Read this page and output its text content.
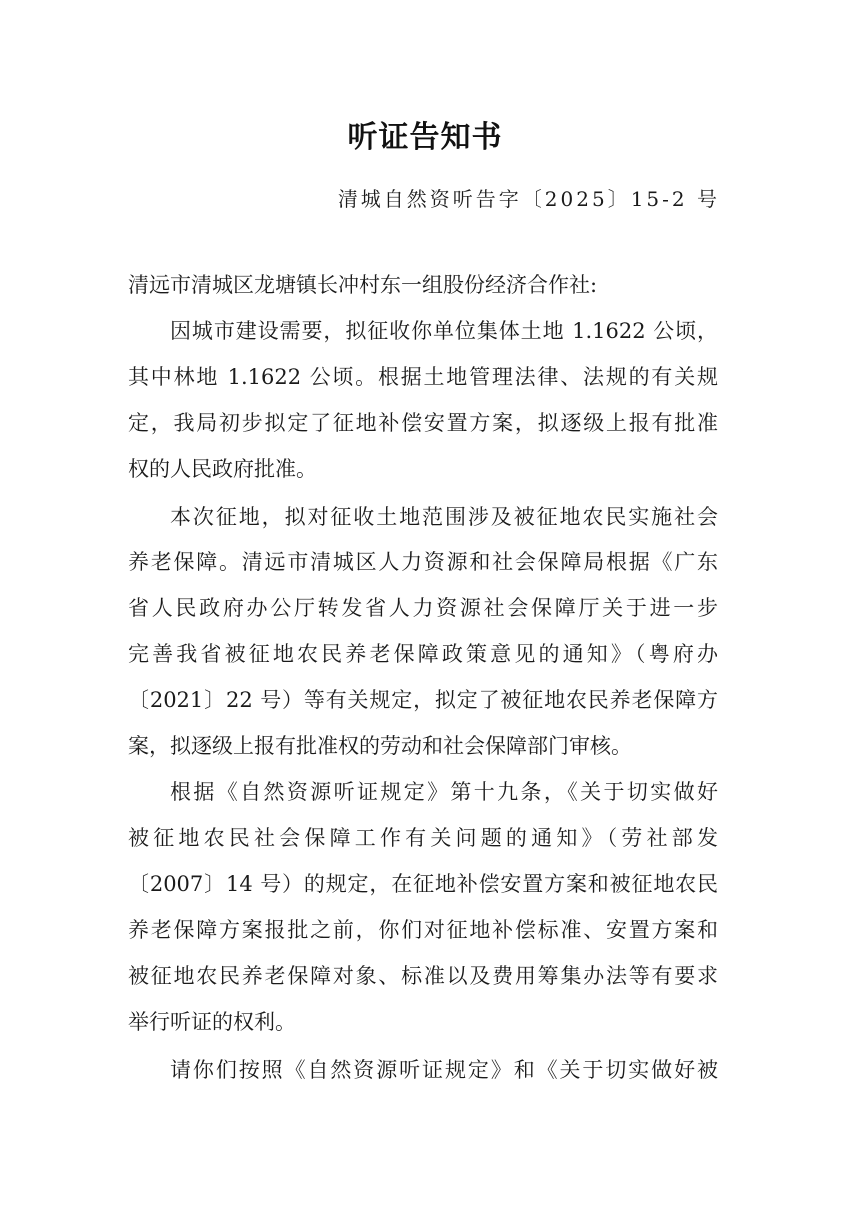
听证告知书
清城自然资听告字〔2025〕15-2 号
清远市清城区龙塘镇长冲村东一组股份经济合作社:
因城市建设需要，拟征收你单位集体土地 1.1622 公顷，
其中林地 1.1622 公顷。根据土地管理法律、法规的有关规
定，我局初步拟定了征地补偿安置方案，拟逐级上报有批准
权的人民政府批准。
本次征地，拟对征收土地范围涉及被征地农民实施社会
养老保障。清远市清城区人力资源和社会保障局根据《广东
省人民政府办公厅转发省人力资源社会保障厅关于进一步
完善我省被征地农民养老保障政策意见的通知》（粤府办
〔2021〕22 号）等有关规定，拟定了被征地农民养老保障方
案，拟逐级上报有批准权的劳动和社会保障部门审核。
根据《自然资源听证规定》第十九条，《关于切实做好
被征地农民社会保障工作有关问题的通知》（劳社部发
〔2007〕14 号）的规定，在征地补偿安置方案和被征地农民
养老保障方案报批之前，你们对征地补偿标准、安置方案和
被征地农民养老保障对象、标准以及费用筹集办法等有要求
举行听证的权利。
请你们按照《自然资源听证规定》和《关于切实做好被
